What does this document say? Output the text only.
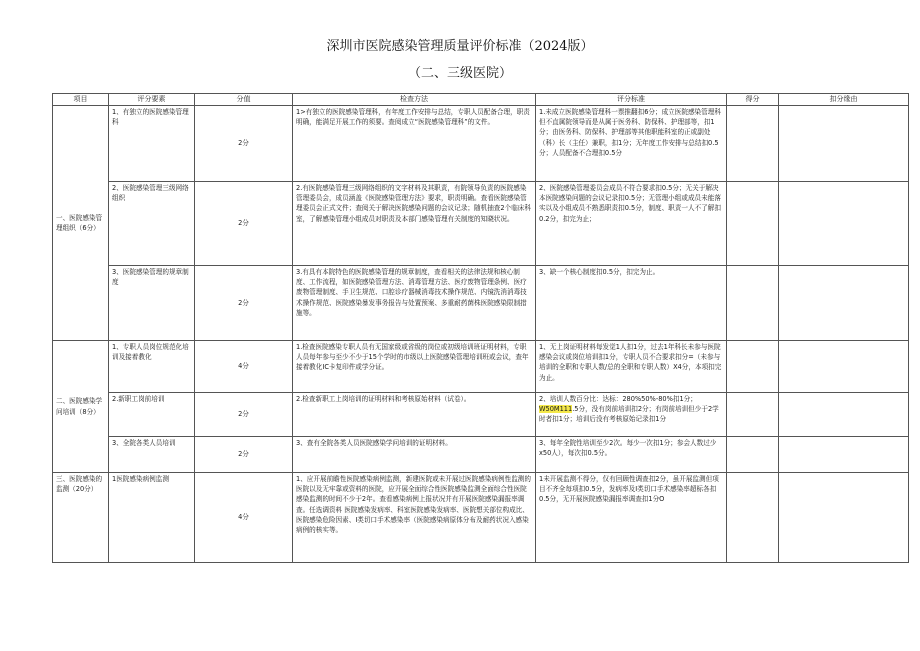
深圳市医院感染管理质量评价标准（2024版）
（二、三级医院）
项目	评分要素	分值	检查方法	评分标准	得分	扣分缘由
一、医院感染管理组织（6分）	1、有独立的医院感染管理科	2分	1>有独立的医院感染管理科，有年度工作安排与总结，专职人员配备合理，职责明确，能满足开展工作的须要。查阅成立“医院感染管理科”的文件。	1.未成立医院感染管理科一票推翻扣6分；成立医院感染管理科但不直属院领导而是从属于医务科、防保科、护理部等，扣1分；由医务科、防保科、护理部等其他职能科室的正或副处（科）长（主任）兼职，扣1分；无年度工作安排与总结扣0.5分；人员配备不合理扣0.5分		
	2、医院感染管理三级网络组织	2分	2.有医院感染管理三级网络组织的文字材料及其职责，有院领导负责的医院感染管理委员会，成员涵盖《医院感染管理方法》要求，职责明确。查看医院感染管理委员会正式文件；查阅关于解决医院感染问题的会议记录；随机抽查2个临床科室，了解感染管理小组成员对职责及本部门感染管理有关制度的知晓状况。	2、医院感染管理委员会成员不符合要求扣0.5分；无关于解决本医院感染问题的会议记录扣0.5分；无管理小组或成员未能落实以及小组成员不熟悉职责扣0.5分，制度、职责一人不了解扣0.2分，扣完为止；		
	3、医院感染管理的规章制度	2分	3.有具有本院特色的医院感染管理的规章制度，查看相关的法律法规和核心制度、工作流程，如医院感染管理方法、消毒管理方法、医疗废物管理条例、医疗废物管理制度、手卫生规范、口腔诊疗器械消毒技术操作规范、内镜洗消消毒技术操作规范、医院感染暴发事务报告与处置预案、多重耐药菌株医院感染限制措施等。	3、缺一个核心制度扣0.5分，扣完为止。		
二、医院感染学问培训（8分）	1、专职人员岗位规范化培训及接着教化	4分	1.检查医院感染专职人员有无国家级或省级的岗位或初级培训班证明材料，专职人员每年参与至少不少于15个学时的市级以上医院感染管理培训班或会议，查年接着教化IC卡复印件或学分证。	1、无上岗证明材料每发觉1人扣1分，过去1年科长未参与医院感染会议或岗位培训扣1分，专职人员不合要求扣分=（未参与培训的全职和专职人数/总的全职和专职人数）X4分，本项扣完为止。		
	2.新职工岗前培训	2分	2.检查新职工上岗培训的证明材料和考核原始材料（试卷）。	2、培训人数百分比：达标：280%50%-80%扣1分；
W50M111.5分，没有岗前培训扣2分；有岗前培训但少于2学时者扣1分；培训后没有考核原始记录扣1分		
	3、全院各类人员培训	2分	3、查有全院各类人员医院感染学问培训的证明材料。	3、每年全院性培训至少2次。每少一次扣1分；参会人数过少x50人），每次扣0.5分。		
三、医院感染的监测（20分）	1医院感染病例监测	4分	1、应开展前瞻性医院感染病例监测，新建医院或未开展过医院感染病例性监测的医院以及无牢靠或资料的医院，应开展全面综合性医院感染监测全面综合性医院感染监测的时间不少于2年。查看感染病例上报状况并有开展医院感染漏报率调查。任选调资料 医院感染发病率、科室医院感染发病率、医院想关部位构成比、医院感染危险因素、I类切口手术感染率（医院感染病原体分布及耐药状况入感染病例的核实等。	1未开展监测不得分，仅有回顾性调查扣2分，虽开展监测但项目不齐全每项扣0.5分，发病率及I类切口手术感染率超标各扣0.5分，无开展医院感染漏报率调查扣1分O		
